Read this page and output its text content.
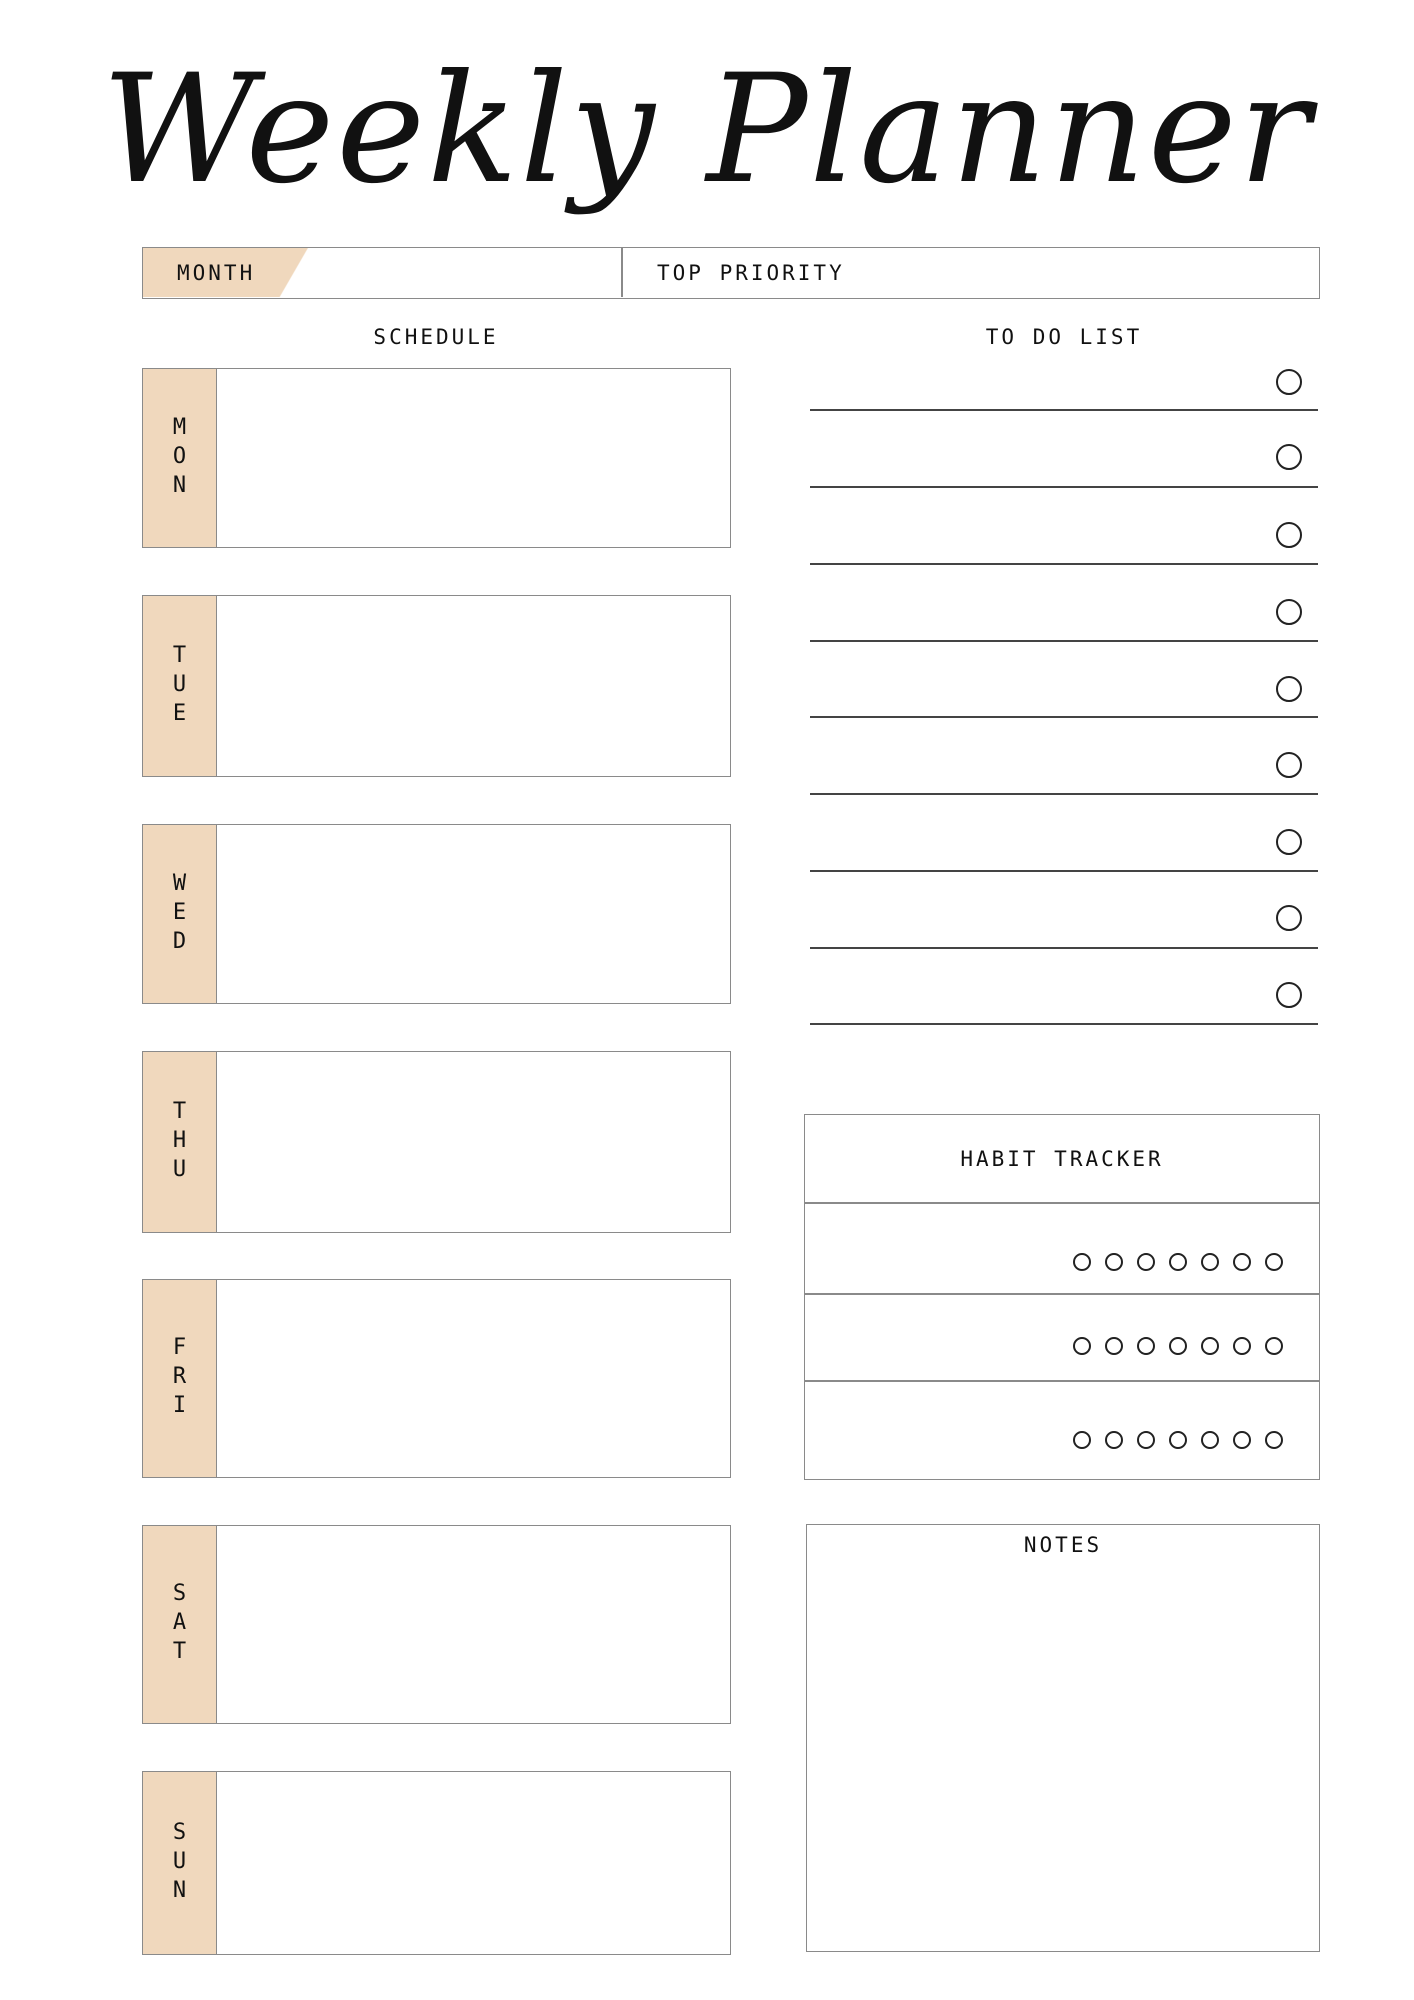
Weekly Planner
MONTH	TOP PRIORITY
SCHEDULE	TO DO LIST
MON
TUE
WED
THU
FRI
SAT
SUN
HABIT TRACKER
NOTES
